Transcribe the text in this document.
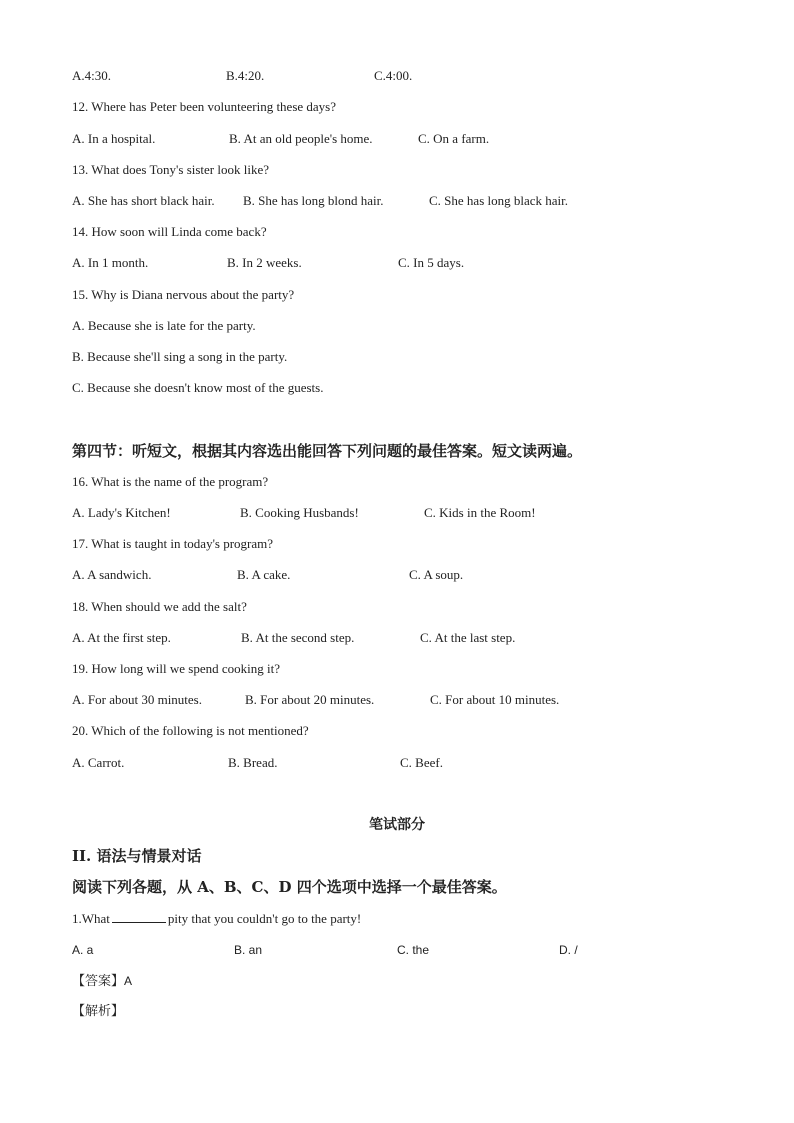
A.4:30.	B.4:20.	C.4:00.
12. Where has Peter been volunteering these days?
A. In a hospital.	B. At an old people's home.	C. On a farm.
13. What does Tony's sister look like?
A. She has short black hair. B. She has long blond hair.	C. She has long black hair.
14. How soon will Linda come back?
A. In 1 month.	B. In 2 weeks.	C. In 5 days.
15. Why is Diana nervous about the party?
A. Because she is late for the party.
B. Because she'll sing a song in the party.
C. Because she doesn't know most of the guests.
第四节：听短文，根据其内容选出能回答下列问题的最佳答案。短文读两遍。
16. What is the name of the program?
A. Lady's Kitchen!	B. Cooking Husbands!	C. Kids in the Room!
17. What is taught in today's program?
A. A sandwich.	B. A cake.	C. A soup.
18. When should we add the salt?
A. At the first step.	B. At the second step.	C. At the last step.
19. How long will we spend cooking it?
A. For about 30 minutes.	B. For about 20 minutes.	C. For about 10 minutes.
20. Which of the following is not mentioned?
A. Carrot.	B. Bread.	C. Beef.
笔试部分
II. 语法与情景对话
阅读下列各题，从 A、B、C、D 四个选项中选择一个最佳答案。
1.What	pity that you couldn't go to the party!
A. a	B. an	C. the	D. /
【答案】A
【解析】
